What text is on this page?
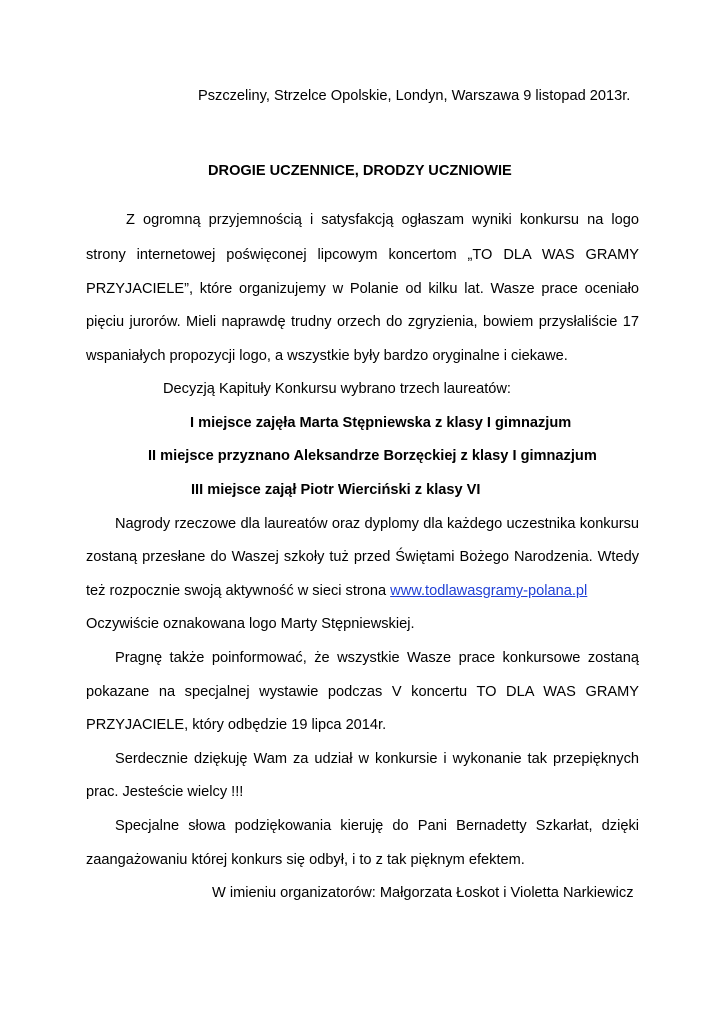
Pszczeliny, Strzelce Opolskie, Londyn, Warszawa 9 listopad 2013r.

DROGIE UCZENNICE, DRODZY UCZNIOWIE

Z ogromną przyjemnością i satysfakcją ogłaszam wyniki konkursu na logo

strony internetowej poświęconej lipcowym koncertom „TO DLA WAS GRAMY

PRZYJACIELE”, które organizujemy w Polanie od kilku lat. Wasze prace oceniało

pięciu jurorów. Mieli naprawdę trudny orzech do zgryzienia, bowiem przysłaliście 17

wspaniałych propozycji logo, a wszystkie były bardzo oryginalne i ciekawe.

Decyzją Kapituły Konkursu wybrano trzech laureatów:

I miejsce zajęła Marta Stępniewska z klasy I gimnazjum

II miejsce przyznano Aleksandrze Borzęckiej z klasy I gimnazjum

III miejsce zajął Piotr Wierciński z klasy VI

Nagrody rzeczowe dla laureatów oraz dyplomy dla każdego uczestnika konkursu

zostaną przesłane do Waszej szkoły tuż przed Świętami Bożego Narodzenia. Wtedy

też rozpocznie swoją aktywność w sieci strona www.todlawasgramy-polana.pl

Oczywiście oznakowana logo Marty Stępniewskiej.

Pragnę także poinformować, że wszystkie Wasze prace konkursowe zostaną

pokazane na specjalnej wystawie podczas V koncertu TO DLA WAS GRAMY

PRZYJACIELE, który odbędzie 19 lipca 2014r.

Serdecznie dziękuję Wam za udział w konkursie i wykonanie tak przepięknych

prac. Jesteście wielcy !!!

Specjalne słowa podziękowania kieruję do Pani Bernadetty Szkarłat, dzięki

zaangażowaniu której konkurs się odbył, i to z tak pięknym efektem.

W imieniu organizatorów: Małgorzata Łoskot i Violetta Narkiewicz
